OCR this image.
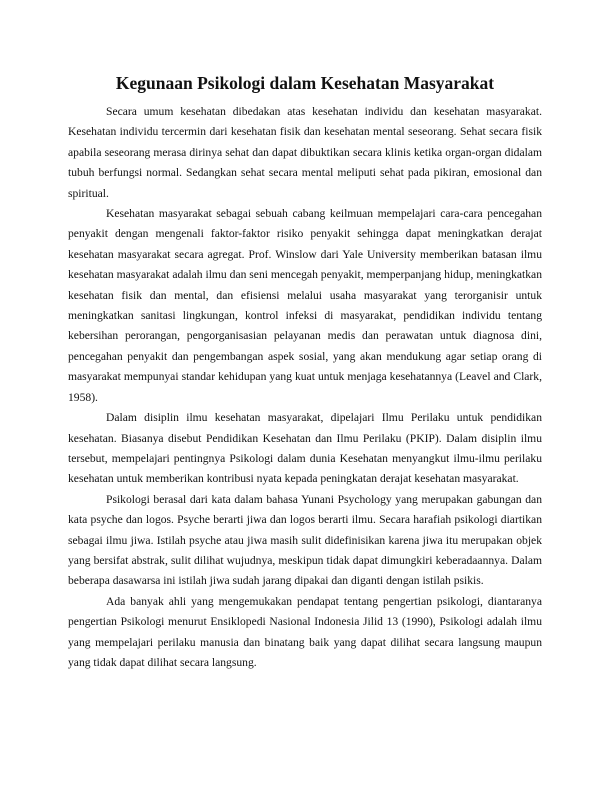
Kegunaan Psikologi dalam Kesehatan Masyarakat

Secara umum kesehatan dibedakan atas kesehatan individu dan kesehatan masyarakat. Kesehatan individu tercermin dari kesehatan fisik dan kesehatan mental seseorang. Sehat secara fisik apabila seseorang merasa dirinya sehat dan dapat dibuktikan secara klinis ketika organ-organ didalam tubuh berfungsi normal. Sedangkan sehat secara mental meliputi sehat pada pikiran, emosional dan spiritual.

Kesehatan masyarakat sebagai sebuah cabang keilmuan mempelajari cara-cara pencegahan penyakit dengan mengenali faktor-faktor risiko penyakit sehingga dapat meningkatkan derajat kesehatan masyarakat secara agregat. Prof. Winslow dari Yale University memberikan batasan ilmu kesehatan masyarakat adalah ilmu dan seni mencegah penyakit, memperpanjang hidup, meningkatkan kesehatan fisik dan mental, dan efisiensi melalui usaha masyarakat yang terorganisir untuk meningkatkan sanitasi lingkungan, kontrol infeksi di masyarakat, pendidikan individu tentang kebersihan perorangan, pengorganisasian pelayanan medis dan perawatan untuk diagnosa dini, pencegahan penyakit dan pengembangan aspek sosial, yang akan mendukung agar setiap orang di masyarakat mempunyai standar kehidupan yang kuat untuk menjaga kesehatannya (Leavel and Clark, 1958).

Dalam disiplin ilmu kesehatan masyarakat, dipelajari Ilmu Perilaku untuk pendidikan kesehatan. Biasanya disebut Pendidikan Kesehatan dan Ilmu Perilaku (PKIP). Dalam disiplin ilmu tersebut, mempelajari pentingnya Psikologi dalam dunia Kesehatan menyangkut ilmu-ilmu perilaku kesehatan untuk memberikan kontribusi nyata kepada peningkatan derajat kesehatan masyarakat.

Psikologi berasal dari kata dalam bahasa Yunani Psychology yang merupakan gabungan dan kata psyche dan logos. Psyche berarti jiwa dan logos berarti ilmu. Secara harafiah psikologi diartikan sebagai ilmu jiwa. Istilah psyche atau jiwa masih sulit didefinisikan karena jiwa itu merupakan objek yang bersifat abstrak, sulit dilihat wujudnya, meskipun tidak dapat dimungkiri keberadaannya. Dalam beberapa dasawarsa ini istilah jiwa sudah jarang dipakai dan diganti dengan istilah psikis.

Ada banyak ahli yang mengemukakan pendapat tentang pengertian psikologi, diantaranya pengertian Psikologi menurut Ensiklopedi Nasional Indonesia Jilid 13 (1990), Psikologi adalah ilmu yang mempelajari perilaku manusia dan binatang baik yang dapat dilihat secara langsung maupun yang tidak dapat dilihat secara langsung.
